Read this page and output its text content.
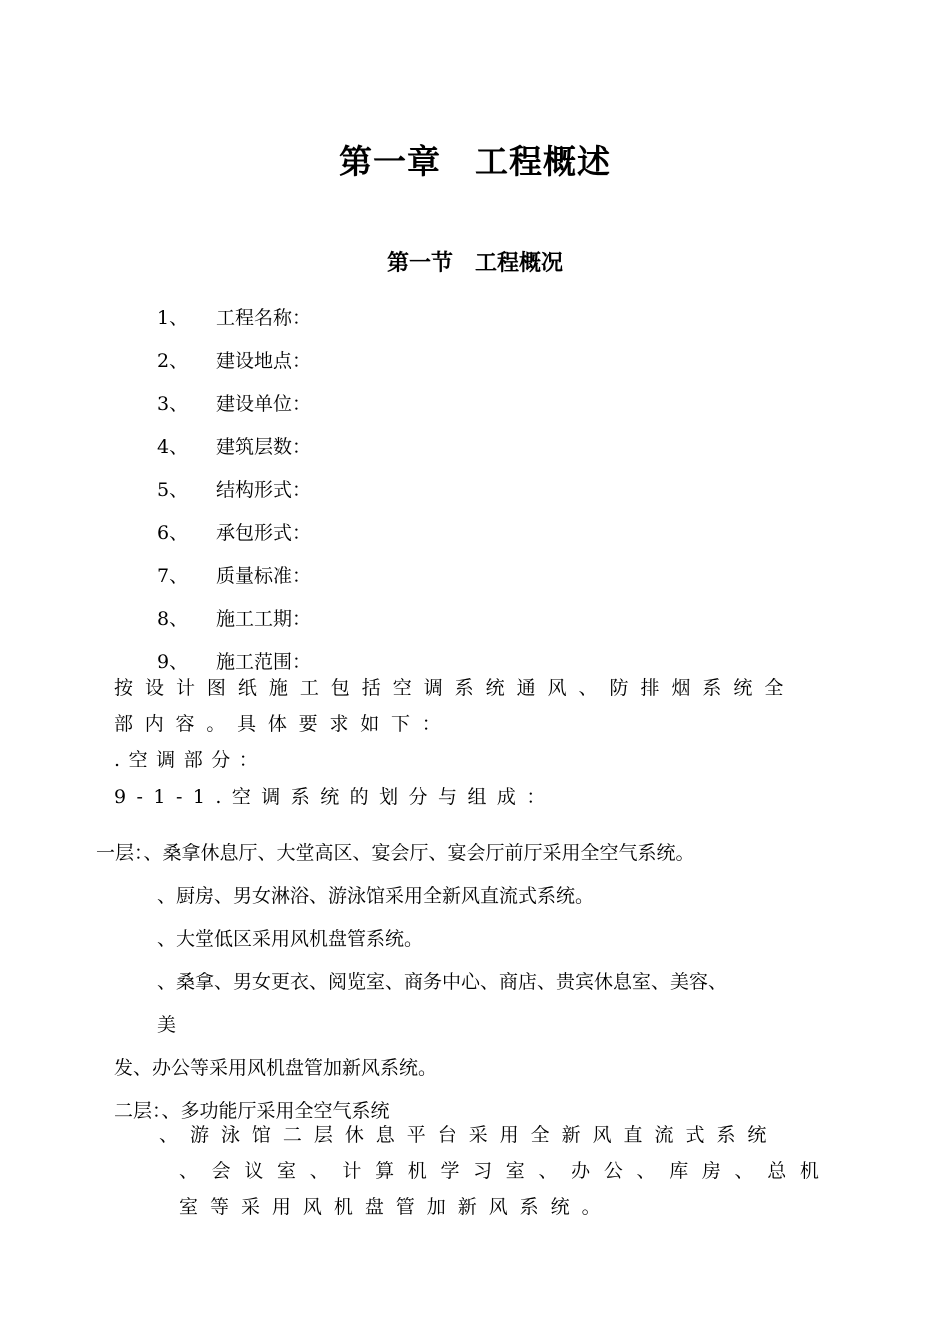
第一章　工程概述
第一节　工程概况
1、 工程名称：
2、 建设地点：
3、 建设单位：
4、 建筑层数：
5、 结构形式：
6、 承包形式：
7、 质量标准：
8、 施工工期：
9、 施工范围：
按设计图纸施工包括空调系统通风、防排烟系统全
部内容。具体要求如下：
.空调部分：
9-1-1.空调系统的划分与组成：
一层：、桑拿休息厅、大堂高区、宴会厅、宴会厅前厅采用全空气系统。
、厨房、男女淋浴、游泳馆采用全新风直流式系统。
、大堂低区采用风机盘管系统。
、桑拿、男女更衣、阅览室、商务中心、商店、贵宾休息室、美容、
美
发、办公等采用风机盘管加新风系统。
二层：、多功能厅采用全空气系统
、游泳馆二层休息平台采用全新风直流式系统
、会议室、计算机学习室、办公、库房、总机
室等采用风机盘管加新风系统。
